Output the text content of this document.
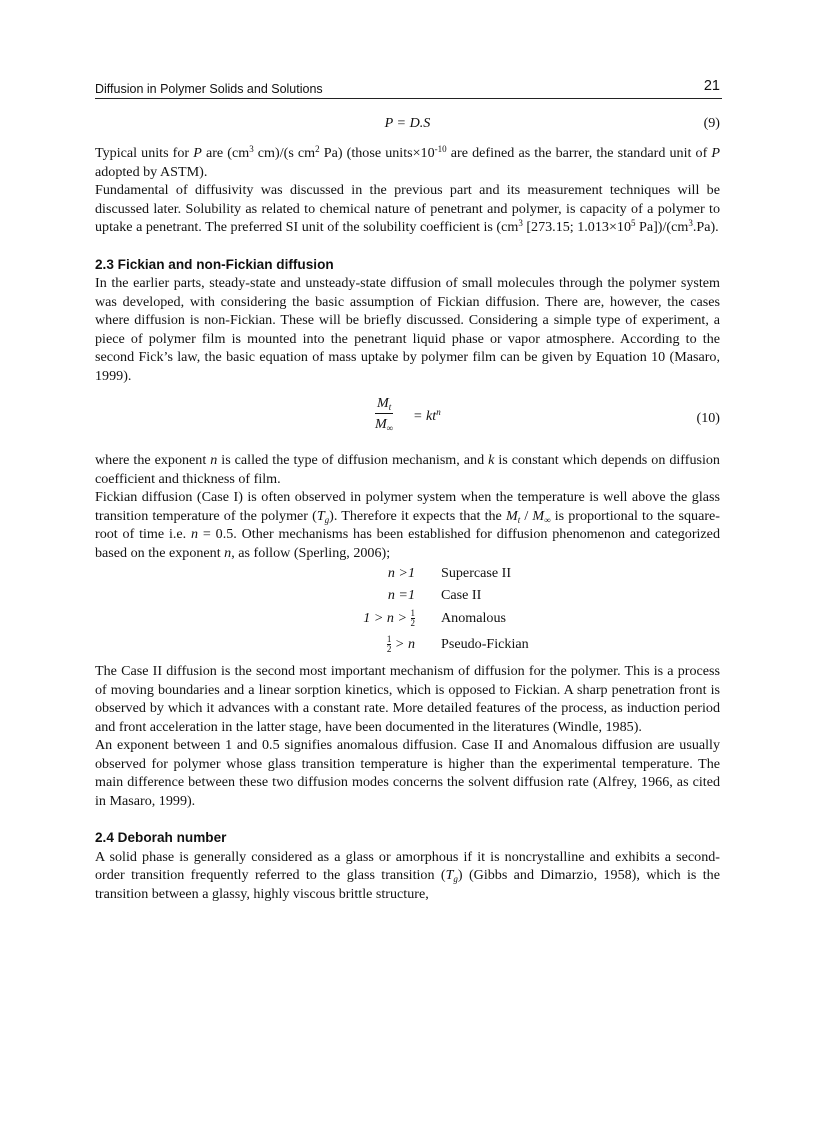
Diffusion in Polymer Solids and Solutions	21
P = D.S	(9)

Typical units for P are ($cm^3$ cm)/(s $cm^2$ Pa) (those $units\times 10^{-10}$ are defined as the barrer, the standard unit of P adopted by ASTM).

Fundamental of diffusivity was discussed in the previous part and its measurement techniques will be discussed later. Solubility as related to chemical nature of penetrant and polymer, is capacity of a polymer to uptake a penetrant. The preferred SI unit of the solubility coefficient is ($cm^3$ [273.15; $1.013\times 10^5$ $Pa])/(cm^3.Pa)$.

2.3 Fickian and non-Fickian diffusion

In the earlier parts, steady-state and unsteady-state diffusion of small molecules through the polymer system was developed, with considering the basic assumption of Fickian diffusion. There are, however, the cases where diffusion is non-Fickian. These will be briefly discussed. Considering a simple type of experiment, a piece of polymer film is mounted into the penetrant liquid phase or vapor atmosphere. According to the second Fick’s law, the basic equation of mass uptake by polymer film can be given by Equation 10 (Masaro, 1999).

$\frac{M_t}{M_\infty} = kt^n$	(10)

where the exponent n is called the type of diffusion mechanism, and k is constant which depends on diffusion coefficient and thickness of film.

Fickian diffusion (Case I) is often observed in polymer system when the temperature is well above the glass transition temperature of the polymer $(T_g)$. Therefore it expects that the $M_t / M_\infty$ is proportional to the square-root of time i.e. n = 0.5. Other mechanisms has been established for diffusion phenomenon and categorized based on the exponent n, as follow (Sperling, 2006);

n >1 Supercase II
n =1 Case II
$1 > n > \frac{1}{2}$ Anomalous
$\frac{1}{2} > n$ Pseudo-Fickian

The Case II diffusion is the second most important mechanism of diffusion for the polymer. This is a process of moving boundaries and a linear sorption kinetics, which is opposed to Fickian. A sharp penetration front is observed by which it advances with a constant rate. More detailed features of the process, as induction period and front acceleration in the latter stage, have been documented in the literatures (Windle, 1985).

An exponent between 1 and 0.5 signifies anomalous diffusion. Case II and Anomalous diffusion are usually observed for polymer whose glass transition temperature is higher than the experimental temperature. The main difference between these two diffusion modes concerns the solvent diffusion rate (Alfrey, 1966, as cited in Masaro, 1999).

2.4 Deborah number

A solid phase is generally considered as a glass or amorphous if it is noncrystalline and exhibits a second-order transition frequently referred to the glass transition $(T_g)$ (Gibbs and Dimarzio, 1958), which is the transition between a glassy, highly viscous brittle structure,
